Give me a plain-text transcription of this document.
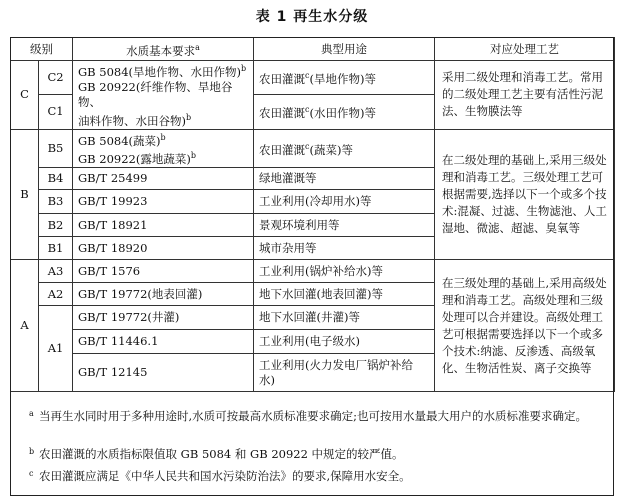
表 1 再生水分级
级别		水质基本要求$^a$	典型用途	对应处理工艺
C	C2	GB 5084(旱地作物、水田作物)$^b$
GB 20922(纤维作物、旱地谷物、
油料作物、水田谷物)$^b$	农田灌溉$^c$(旱地作物)等	采用二级处理和消毒工艺。常用的二级处理工艺主要有活性污泥法、生物膜法等
	C1		农田灌溉$^c$(水田作物)等	
B	B5	GB 5084(蔬菜)$^b$
GB 20922(露地蔬菜)$^b$	农田灌溉$^c$(蔬菜)等	在二级处理的基础上,采用三级处理和消毒工艺。三级处理工艺可根据需要,选择以下一个或多个技术:混凝、过滤、生物滤池、人工湿地、微滤、超滤、臭氧等
	B4	GB/T 25499	绿地灌溉等	
	B3	GB/T 19923	工业利用(冷却用水)等	
	B2	GB/T 18921	景观环境利用等	
	B1	GB/T 18920	城市杂用等	
A	A3	GB/T 1576	工业利用(锅炉补给水)等	在三级处理的基础上,采用高级处理和消毒工艺。高级处理和三级处理可以合并建设。高级处理工艺可根据需要选择以下一个或多个技术:纳滤、反渗透、高级氧化、生物活性炭、离子交换等
	A2	GB/T 19772(地表回灌)	地下水回灌(地表回灌)等	
	A1	GB/T 19772(井灌)	地下水回灌(井灌)等	
		GB/T 11446.1	工业利用(电子级水)	
		GB/T 12145	工业利用(火力发电厂锅炉补给
水)	
a 当再生水同时用于多种用途时,水质可按最高水质标准要求确定;也可按用水量最大用户的水质标准要求确定。
b 农田灌溉的水质指标限值取 GB 5084 和 GB 20922 中规定的较严值。
c 农田灌溉应满足《中华人民共和国水污染防治法》的要求,保障用水安全。
